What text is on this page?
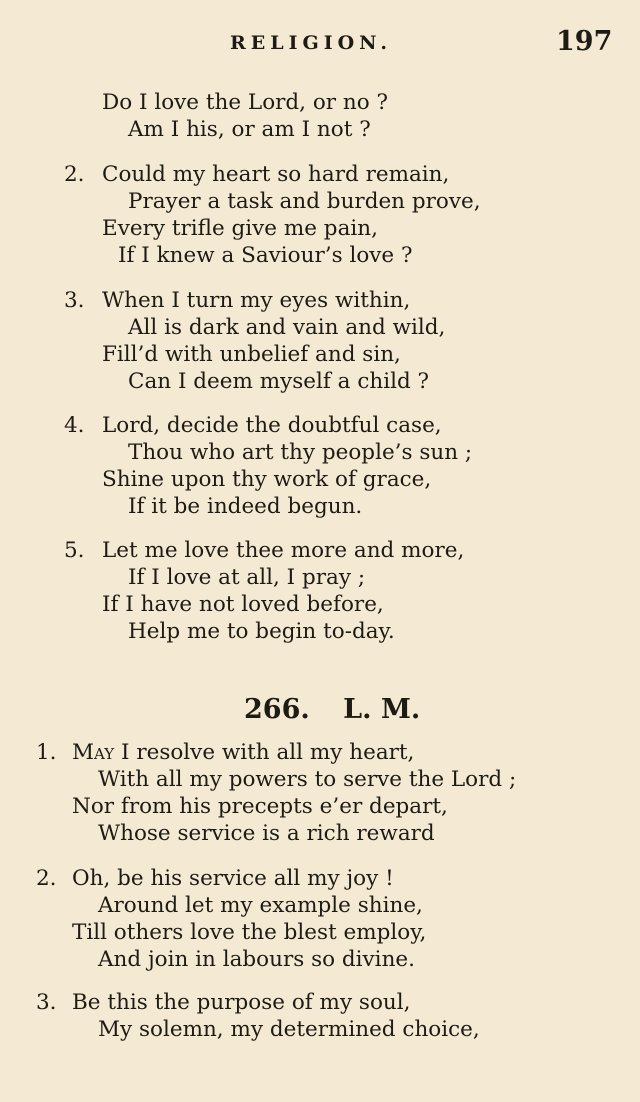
RELIGION.	197
Do I love the Lord, or no ?
Am I his, or am I not ?
2. Could my heart so hard remain,
Prayer a task and burden prove,
Every trifle give me pain,
If I knew a Saviour’s love ?
3. When I turn my eyes within,
All is dark and vain and wild,
Fill’d with unbelief and sin,
Can I deem myself a child ?
4. Lord, decide the doubtful case,
Thou who art thy people’s sun ;
Shine upon thy work of grace,
If it be indeed begun.
5. Let me love thee more and more,
If I love at all, I pray ;
If I have not loved before,
Help me to begin to-day.
266. L. M.
1. May I resolve with all my heart,
With all my powers to serve the Lord ;
Nor from his precepts e’er depart,
Whose service is a rich reward
2. Oh, be his service all my joy !
Around let my example shine,
Till others love the blest employ,
And join in labours so divine.
3. Be this the purpose of my soul,
My solemn, my determined choice,
